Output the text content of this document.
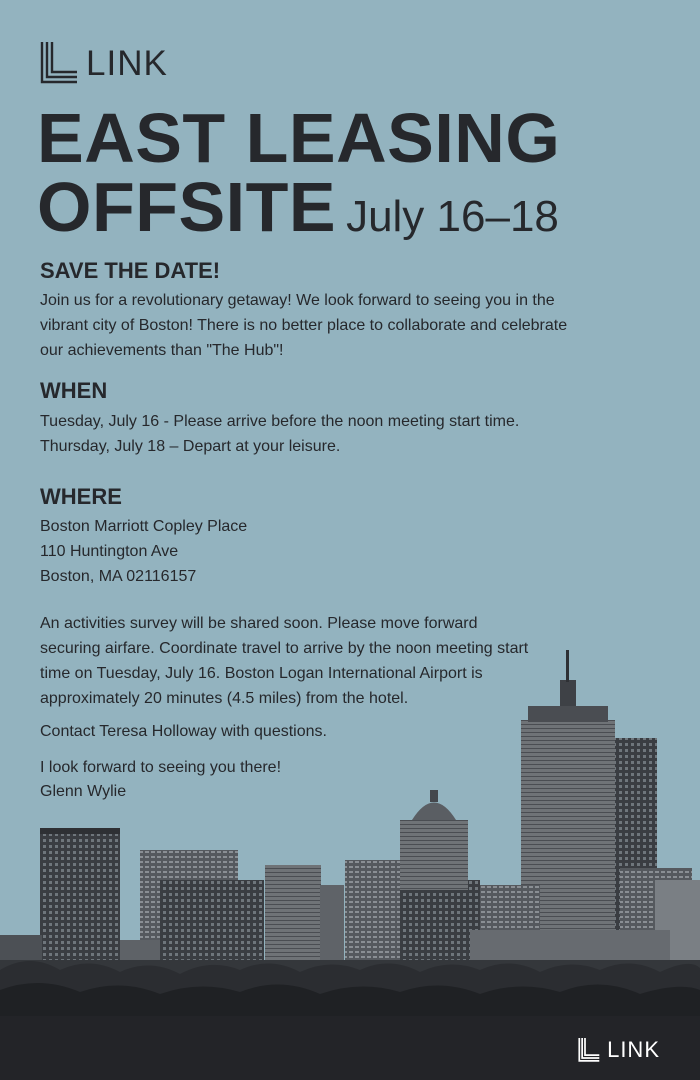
LINK
EAST LEASING
OFFSITE July 16–18
SAVE THE DATE!

Join us for a revolutionary getaway! We look forward to seeing you in the vibrant city of Boston! There is no better place to collaborate and celebrate our achievements than "The Hub"!

WHEN

Tuesday, July 16 - Please arrive before the noon meeting start time.

Thursday, July 18 – Depart at your leisure.

WHERE

Boston Marriott Copley Place

110 Huntington Ave

Boston, MA 02116157

An activities survey will be shared soon. Please move forward securing airfare. Coordinate travel to arrive by the noon meeting start time on Tuesday, July 16. Boston Logan International Airport is approximately 20 minutes (4.5 miles) from the hotel.

Contact Teresa Holloway with questions.

I look forward to seeing you there!

Glenn Wylie

LINK
